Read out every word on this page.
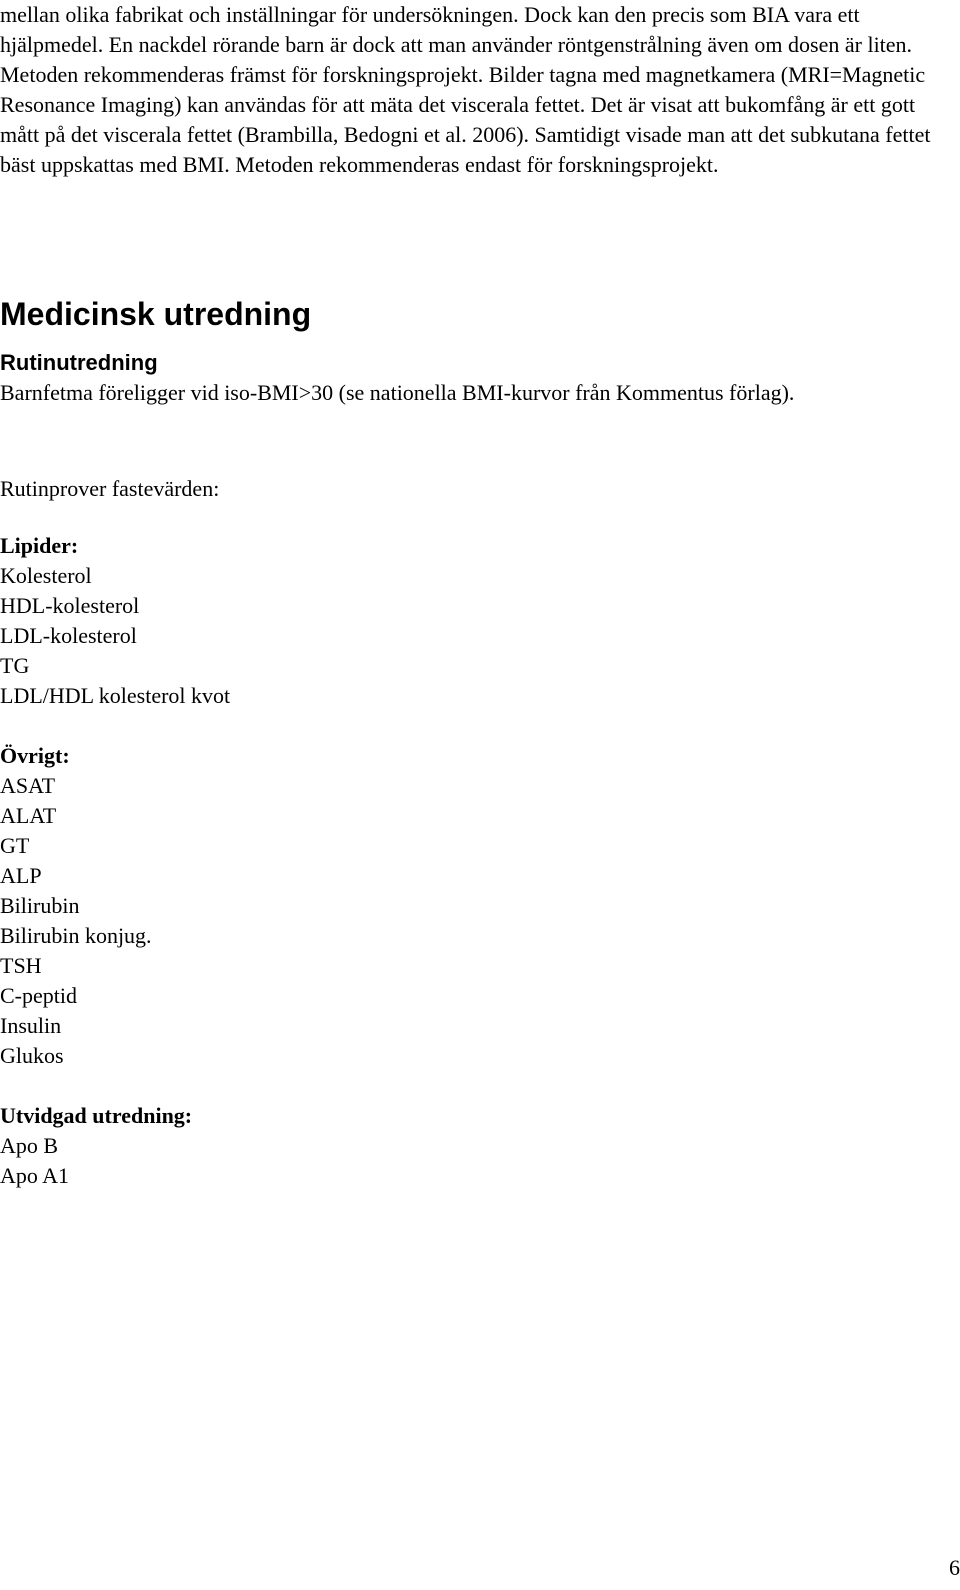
mellan olika fabrikat och inställningar för undersökningen. Dock kan den precis som BIA vara ett hjälpmedel. En nackdel rörande barn är dock att man använder röntgenstrålning även om dosen är liten. Metoden rekommenderas främst för forskningsprojekt. Bilder tagna med magnetkamera (MRI=Magnetic Resonance Imaging) kan användas för att mäta det viscerala fettet. Det är visat att bukomfång är ett gott mått på det viscerala fettet (Brambilla, Bedogni et al. 2006). Samtidigt visade man att det subkutana fettet bäst uppskattas med BMI. Metoden rekommenderas endast för forskningsprojekt.

Medicinsk utredning
Rutinutredning

Barnfetma föreligger vid iso-BMI>30 (se nationella BMI-kurvor från Kommentus förlag).

Rutinprover fastevärden:

Lipider:
Kolesterol
HDL-kolesterol
LDL-kolesterol
TG
LDL/HDL kolesterol kvot
Övrigt:
ASAT
ALAT
GT
ALP
Bilirubin
Bilirubin konjug.
TSH
C-peptid
Insulin
Glukos
Utvidgad utredning:
Apo B
Apo A1
6
